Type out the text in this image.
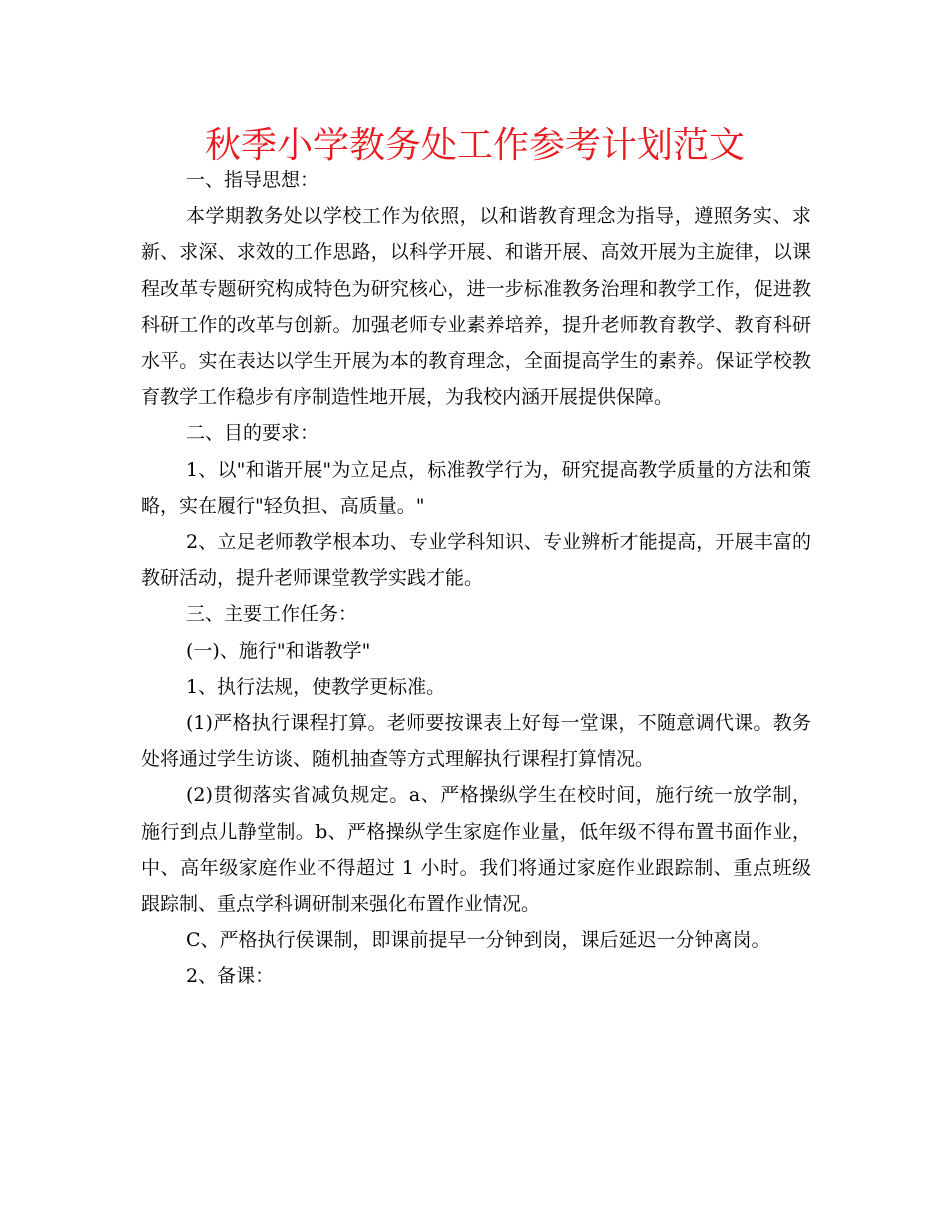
秋季小学教务处工作参考计划范文

一、指导思想：

本学期教务处以学校工作为依照，以和谐教育理念为指导，遵照务实、求新、求深、求效的工作思路，以科学开展、和谐开展、高效开展为主旋律，以课程改革专题研究构成特色为研究核心，进一步标准教务治理和教学工作，促进教科研工作的改革与创新。加强老师专业素养培养，提升老师教育教学、教育科研水平。实在表达以学生开展为本的教育理念，全面提高学生的素养。保证学校教育教学工作稳步有序制造性地开展，为我校内涵开展提供保障。

二、目的要求：

1、以"和谐开展"为立足点，标准教学行为，研究提高教学质量的方法和策略，实在履行"轻负担、高质量。"

2、立足老师教学根本功、专业学科知识、专业辨析才能提高，开展丰富的教研活动，提升老师课堂教学实践才能。

三、主要工作任务：

(一)、施行"和谐教学"

1、执行法规，使教学更标准。

(1)严格执行课程打算。老师要按课表上好每一堂课，不随意调代课。教务处将通过学生访谈、随机抽查等方式理解执行课程打算情况。

(2)贯彻落实省减负规定。a、严格操纵学生在校时间，施行统一放学制，施行到点儿静堂制。b、严格操纵学生家庭作业量，低年级不得布置书面作业，中、高年级家庭作业不得超过 1 小时。我们将通过家庭作业跟踪制、重点班级跟踪制、重点学科调研制来强化布置作业情况。

C、严格执行侯课制，即课前提早一分钟到岗，课后延迟一分钟离岗。

2、备课：
